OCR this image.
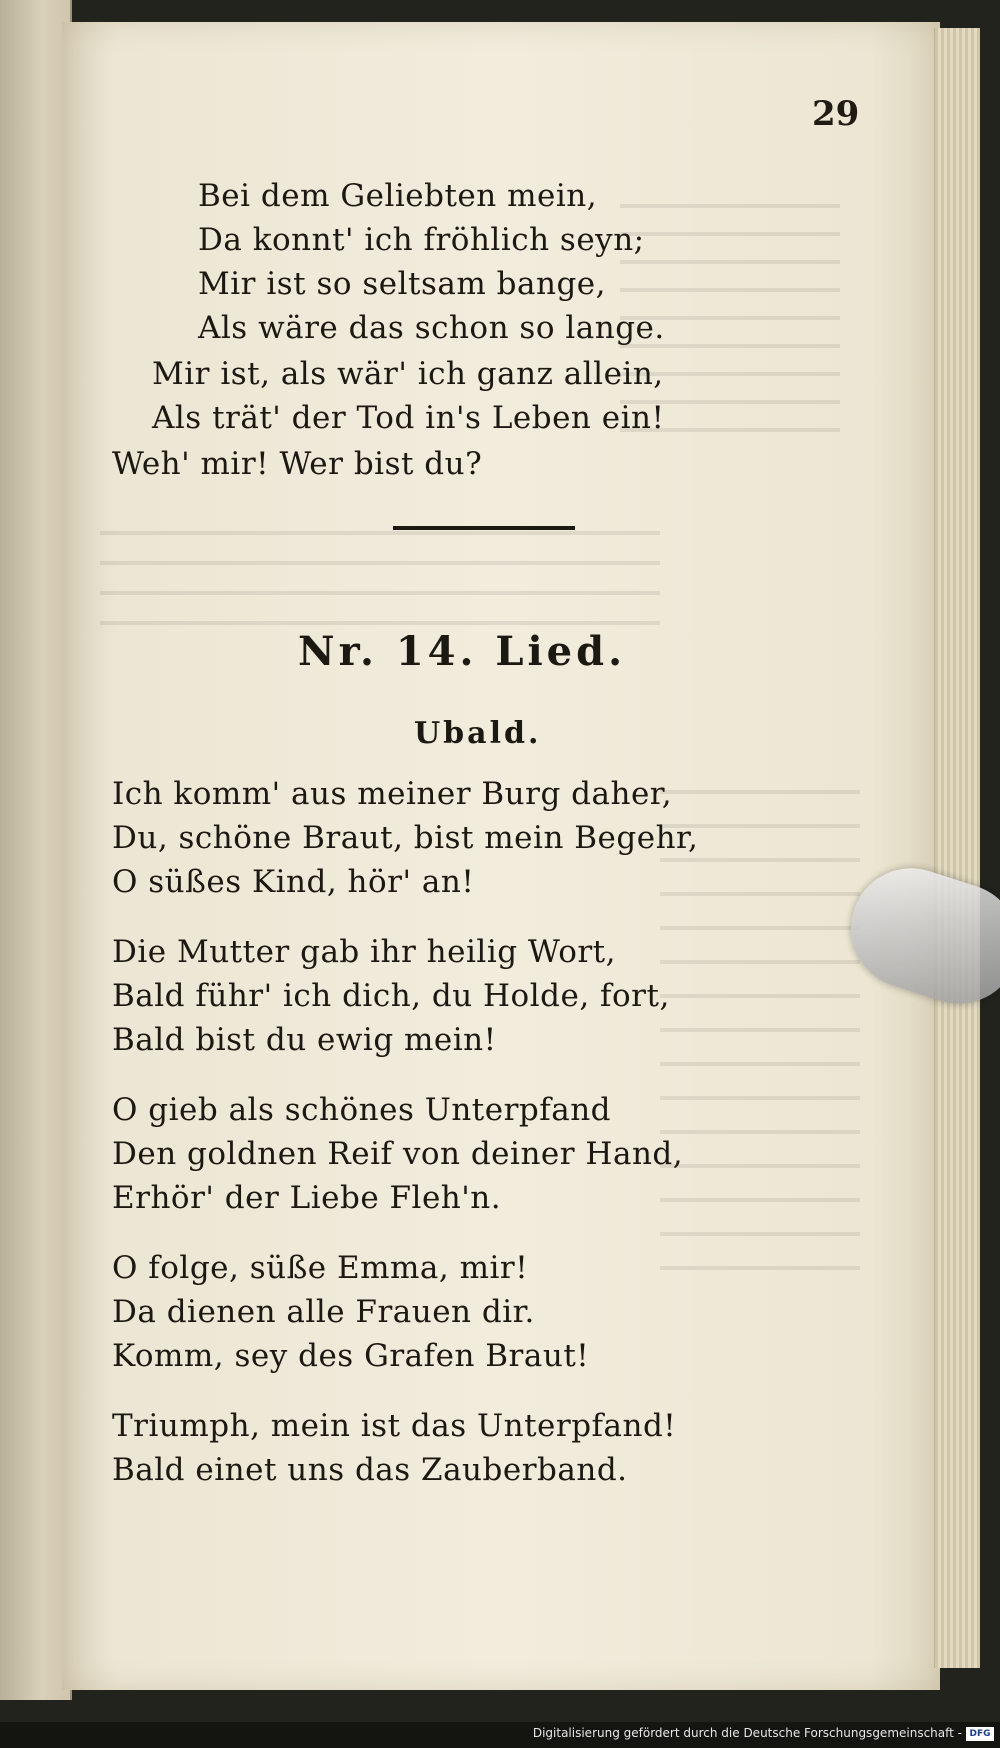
29
Bei dem Geliebten mein,
Da konnt' ich fröhlich seyn;
Mir ist so seltsam bange,
Als wäre das schon so lange.
Mir ist, als wär' ich ganz allein,
Als trät' der Tod in's Leben ein!
Weh' mir! Wer bist du?
Nr. 14. Lied.
Ubald.
Ich komm' aus meiner Burg daher,
Du, schöne Braut, bist mein Begehr,
O süßes Kind, hör' an!
Die Mutter gab ihr heilig Wort,
Bald führ' ich dich, du Holde, fort,
Bald bist du ewig mein!
O gieb als schönes Unterpfand
Den goldnen Reif von deiner Hand,
Erhör' der Liebe Fleh'n.
O folge, süße Emma, mir!
Da dienen alle Frauen dir.
Komm, sey des Grafen Braut!
Triumph, mein ist das Unterpfand!
Bald einet uns das Zauberband.
Digitalisierung gefördert durch die Deutsche Forschungsgemeinschaft - DFG
